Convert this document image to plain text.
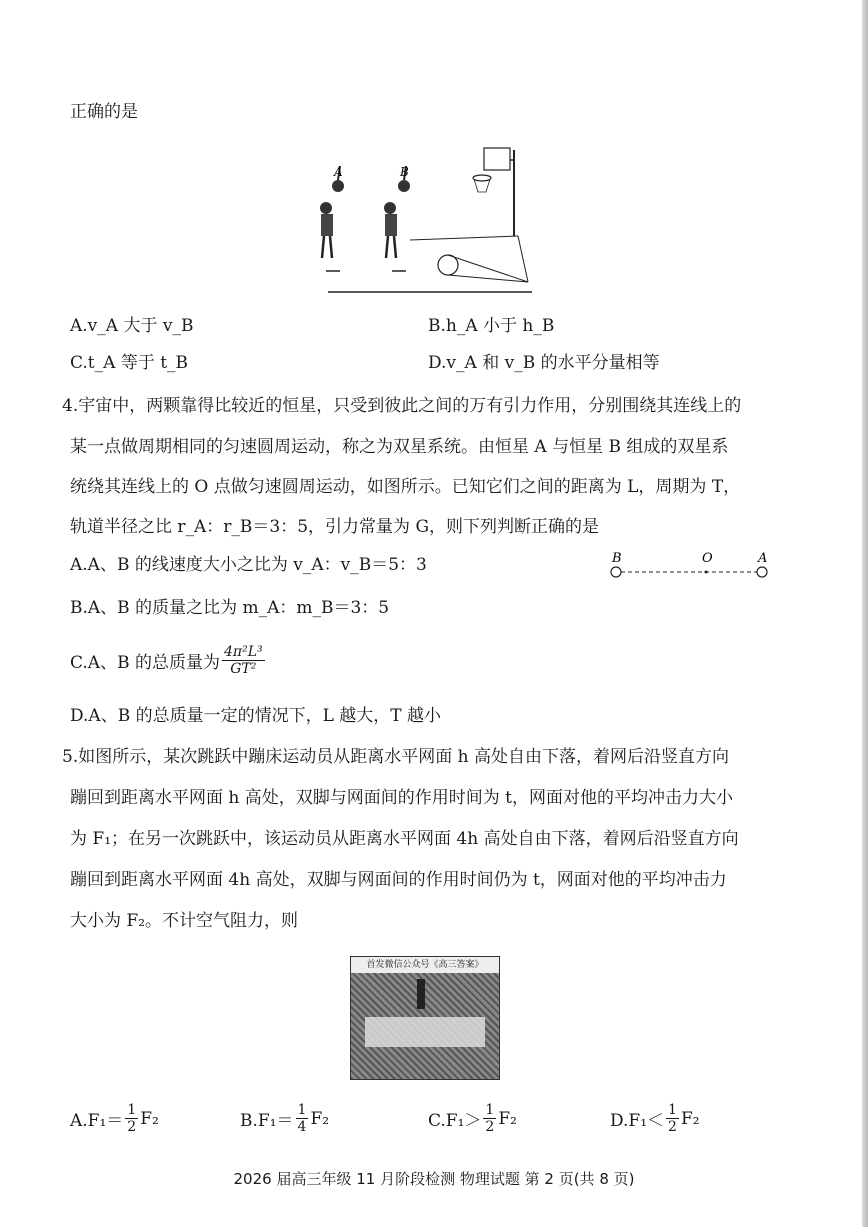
正确的是
A	B
A.v_A 大于 v_B	B.h_A 小于 h_B
C.t_A 等于 t_B	D.v_A 和 v_B 的水平分量相等
4.宇宙中，两颗靠得比较近的恒星，只受到彼此之间的万有引力作用，分别围绕其连线上的
某一点做周期相同的匀速圆周运动，称之为双星系统。由恒星 A 与恒星 B 组成的双星系
统绕其连线上的 O 点做匀速圆周运动，如图所示。已知它们之间的距离为 L，周期为 T，
轨道半径之比 r_A：r_B＝3：5，引力常量为 G，则下列判断正确的是
B	O	A
A.A、B 的线速度大小之比为 v_A：v_B＝5：3
B.A、B 的质量之比为 m_A：m_B＝3：5
C.A、B 的总质量为 $\frac{\text{4π²L³}}{\text{GT²}}$
D.A、B 的总质量一定的情况下，L 越大，T 越小
5.如图所示，某次跳跃中蹦床运动员从距离水平网面 h 高处自由下落，着网后沿竖直方向
蹦回到距离水平网面 h 高处，双脚与网面间的作用时间为 t，网面对他的平均冲击力大小
为 F₁；在另一次跳跃中，该运动员从距离水平网面 4h 高处自由下落，着网后沿竖直方向
蹦回到距离水平网面 4h 高处，双脚与网面间的作用时间仍为 t，网面对他的平均冲击力
大小为 F₂。不计空气阻力，则
首发微信公众号《高三答案》
$A.F_1= \frac{1}{2} F_2$	$B.F_1= \frac{1}{4} F_2$	$C.F_1> \frac{1}{2} F_2$	$D.F_1< \frac{1}{2} F_2$
2026 届高三年级 11 月阶段检测 物理试题 第 2 页(共 8 页)
